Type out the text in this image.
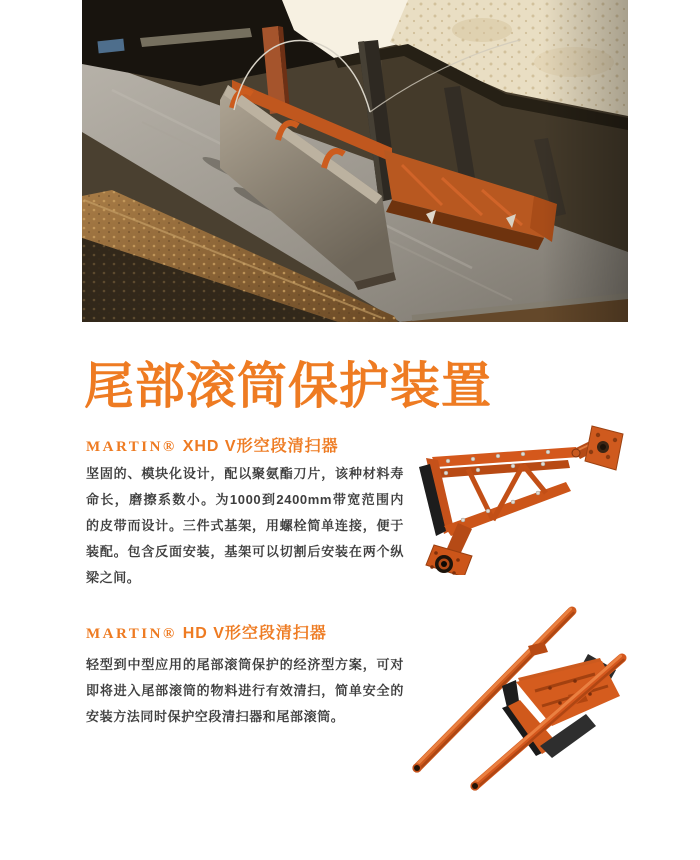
尾部滚筒保护装置
MARTIN® XHD V形空段清扫器

坚固的、模块化设计，配以聚氨酯刀片，该种材料寿命长，磨擦系数小。为1000到2400mm带宽范围内的皮带而设计。三件式基架，用螺栓简单连接，便于装配。包含反面安装，基架可以切割后安装在两个纵梁之间。

MARTIN® HD V形空段清扫器

轻型到中型应用的尾部滚筒保护的经济型方案，可对即将进入尾部滚筒的物料进行有效清扫，简单安全的安装方法同时保护空段清扫器和尾部滚筒。
